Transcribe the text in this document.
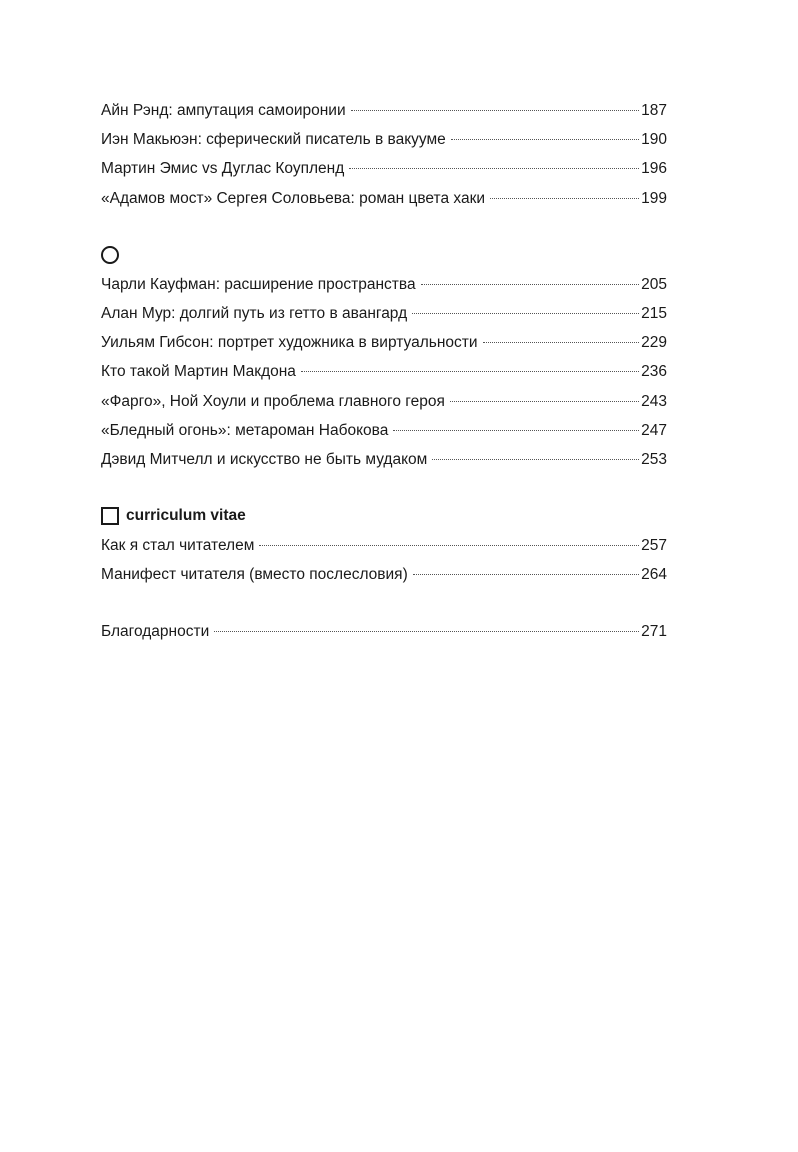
Айн Рэнд: ампутация самоиронии	187
Иэн Макьюэн: сферический писатель в вакууме	190
Мартин Эмис vs Дуглас Коупленд	196
«Адамов мост» Сергея Соловьева: роман цвета хаки	199
Чарли Кауфман: расширение пространства	205
Алан Мур: долгий путь из гетто в авангард	215
Уильям Гибсон: портрет художника в виртуальности	229
Кто такой Мартин Макдона	236
«Фарго», Ной Хоули и проблема главного героя	243
«Бледный огонь»: метароман Набокова	247
Дэвид Митчелл и искусство не быть мудаком	253
curriculum vitae
Как я стал читателем	257
Манифест читателя (вместо послесловия)	264
Благодарности	271
